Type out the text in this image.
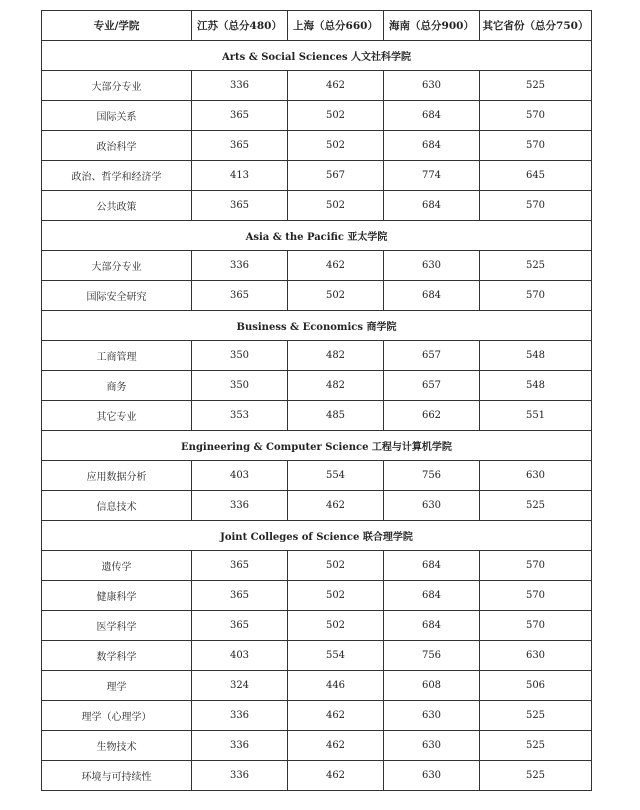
专业/学院	江苏（总分480）	上海（总分660）	海南（总分900）	其它省份（总分750）
Arts & Social Sciences 人文社科学院				
大部分专业	336	462	630	525
国际关系	365	502	684	570
政治科学	365	502	684	570
政治、哲学和经济学	413	567	774	645
公共政策	365	502	684	570
Asia & the Pacific 亚太学院				
大部分专业	336	462	630	525
国际安全研究	365	502	684	570
Business & Economics 商学院				
工商管理	350	482	657	548
商务	350	482	657	548
其它专业	353	485	662	551
Engineering & Computer Science 工程与计算机学院				
应用数据分析	403	554	756	630
信息技术	336	462	630	525
Joint Colleges of Science 联合理学院				
遗传学	365	502	684	570
健康科学	365	502	684	570
医学科学	365	502	684	570
数学科学	403	554	756	630
理学	324	446	608	506
理学（心理学）	336	462	630	525
生物技术	336	462	630	525
环境与可持续性	336	462	630	525
